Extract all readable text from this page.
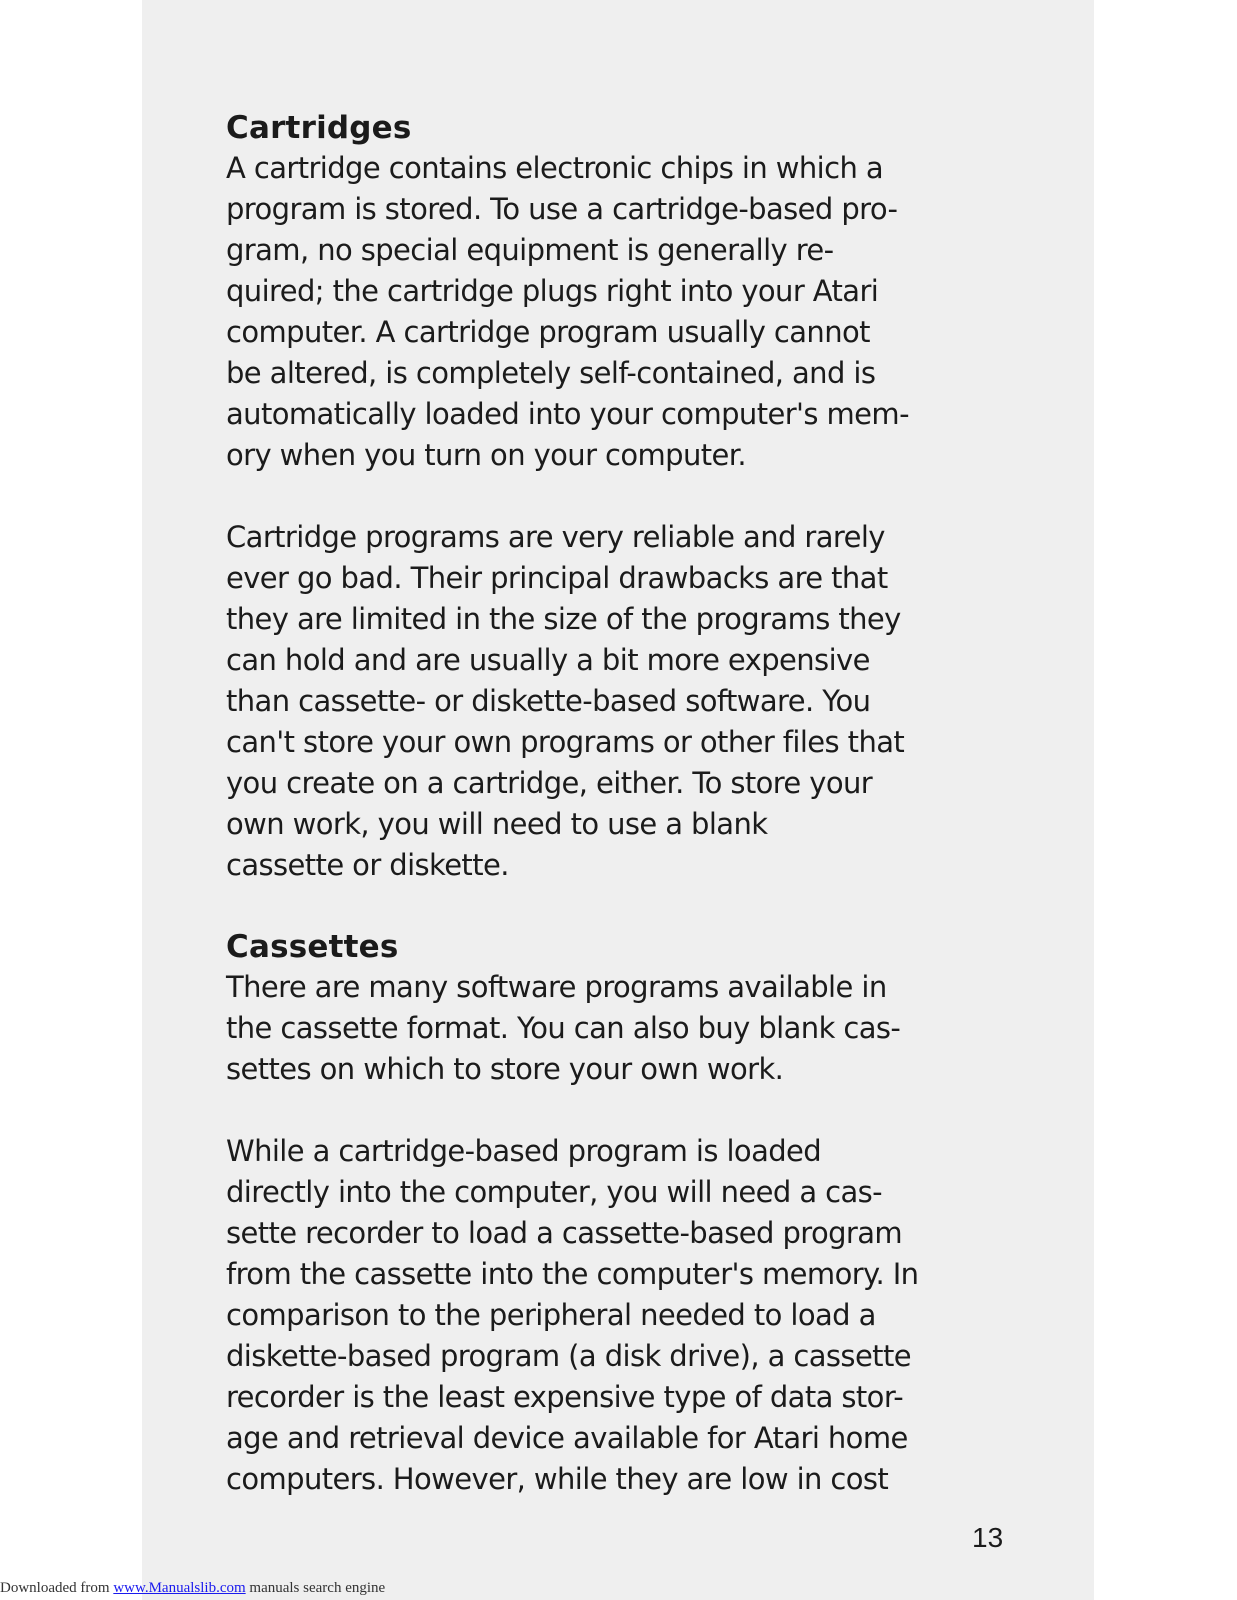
Cartridges

A cartridge contains electronic chips in which a
program is stored. To use a cartridge-based pro-
gram, no special equipment is generally re-
quired; the cartridge plugs right into your Atari
computer. A cartridge program usually cannot
be altered, is completely self-contained, and is
automatically loaded into your computer's mem-
ory when you turn on your computer.

Cartridge programs are very reliable and rarely
ever go bad. Their principal drawbacks are that
they are limited in the size of the programs they
can hold and are usually a bit more expensive
than cassette- or diskette-based software. You
can't store your own programs or other files that
you create on a cartridge, either. To store your
own work, you will need to use a blank
cassette or diskette.

Cassettes

There are many software programs available in
the cassette format. You can also buy blank cas-
settes on which to store your own work.

While a cartridge-based program is loaded
directly into the computer, you will need a cas-
sette recorder to load a cassette-based program
from the cassette into the computer's memory. In
comparison to the peripheral needed to load a
diskette-based program (a disk drive), a cassette
recorder is the least expensive type of data stor-
age and retrieval device available for Atari home
computers. However, while they are low in cost

13
Downloaded from www.Manualslib.com manuals search engine
